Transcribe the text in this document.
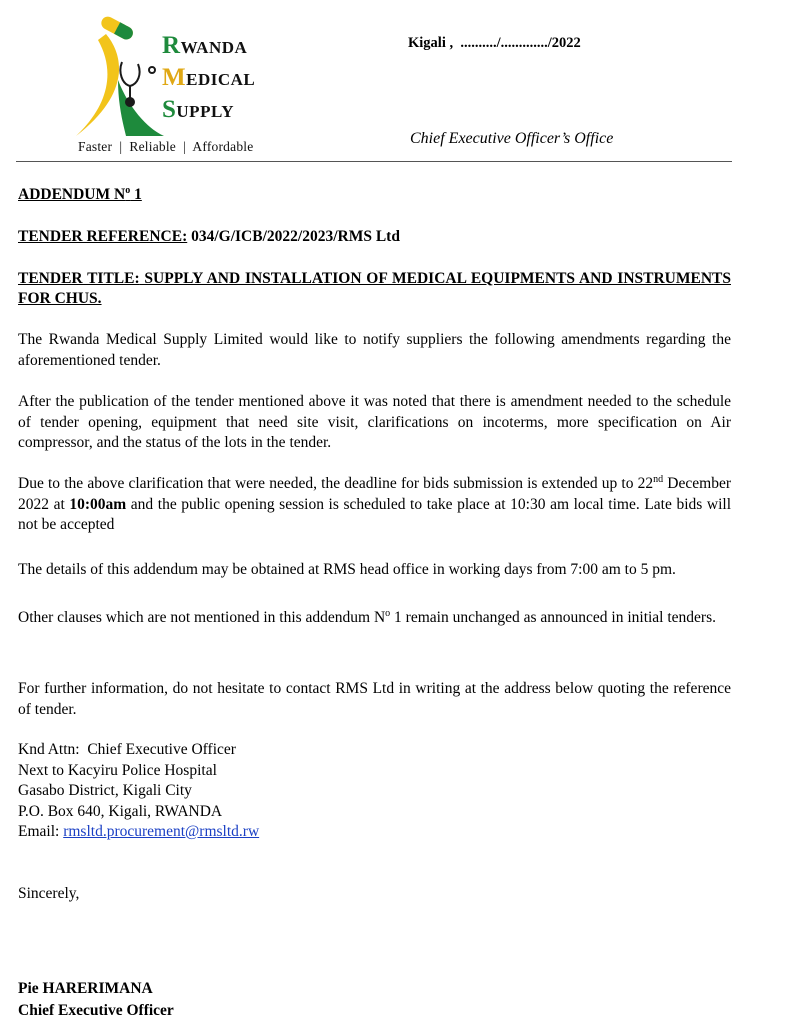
RWANDA
MEDICAL
SUPPLY
Faster  |  Reliable  |  Affordable
Kigali ,  ........../............./2022
Chief Executive Officer’s Office
ADDENDUM $N^o$ 1
TENDER REFERENCE: 034/G/ICB/2022/2023/RMS Ltd
TENDER TITLE: SUPPLY AND INSTALLATION OF MEDICAL EQUIPMENTS AND INSTRUMENTS FOR CHUS.
The Rwanda Medical Supply Limited would like to notify suppliers the following amendments regarding the aforementioned tender.
After the publication of the tender mentioned above it was noted that there is amendment needed to the schedule of tender opening, equipment that need site visit, clarifications on incoterms, more specification on Air compressor, and the status of the lots in the tender.
Due to the above clarification that were needed, the deadline for bids submission is extended up to 22nd December 2022 at 10:00am and the public opening session is scheduled to take place at 10:30 am local time. Late bids will not be accepted
The details of this addendum may be obtained at RMS head office in working days from 7:00 am to 5 pm.
Other clauses which are not mentioned in this addendum $N^o$ 1 remain unchanged as announced in initial tenders.
For further information, do not hesitate to contact RMS Ltd in writing at the address below quoting the reference of tender.
Knd Attn:  Chief Executive Officer
Next to Kacyiru Police Hospital
Gasabo District, Kigali City
P.O. Box 640, Kigali, RWANDA
Email: rmsltd.procurement@rmsltd.rw
Sincerely,
Pie HARERIMANA
Chief Executive Officer
